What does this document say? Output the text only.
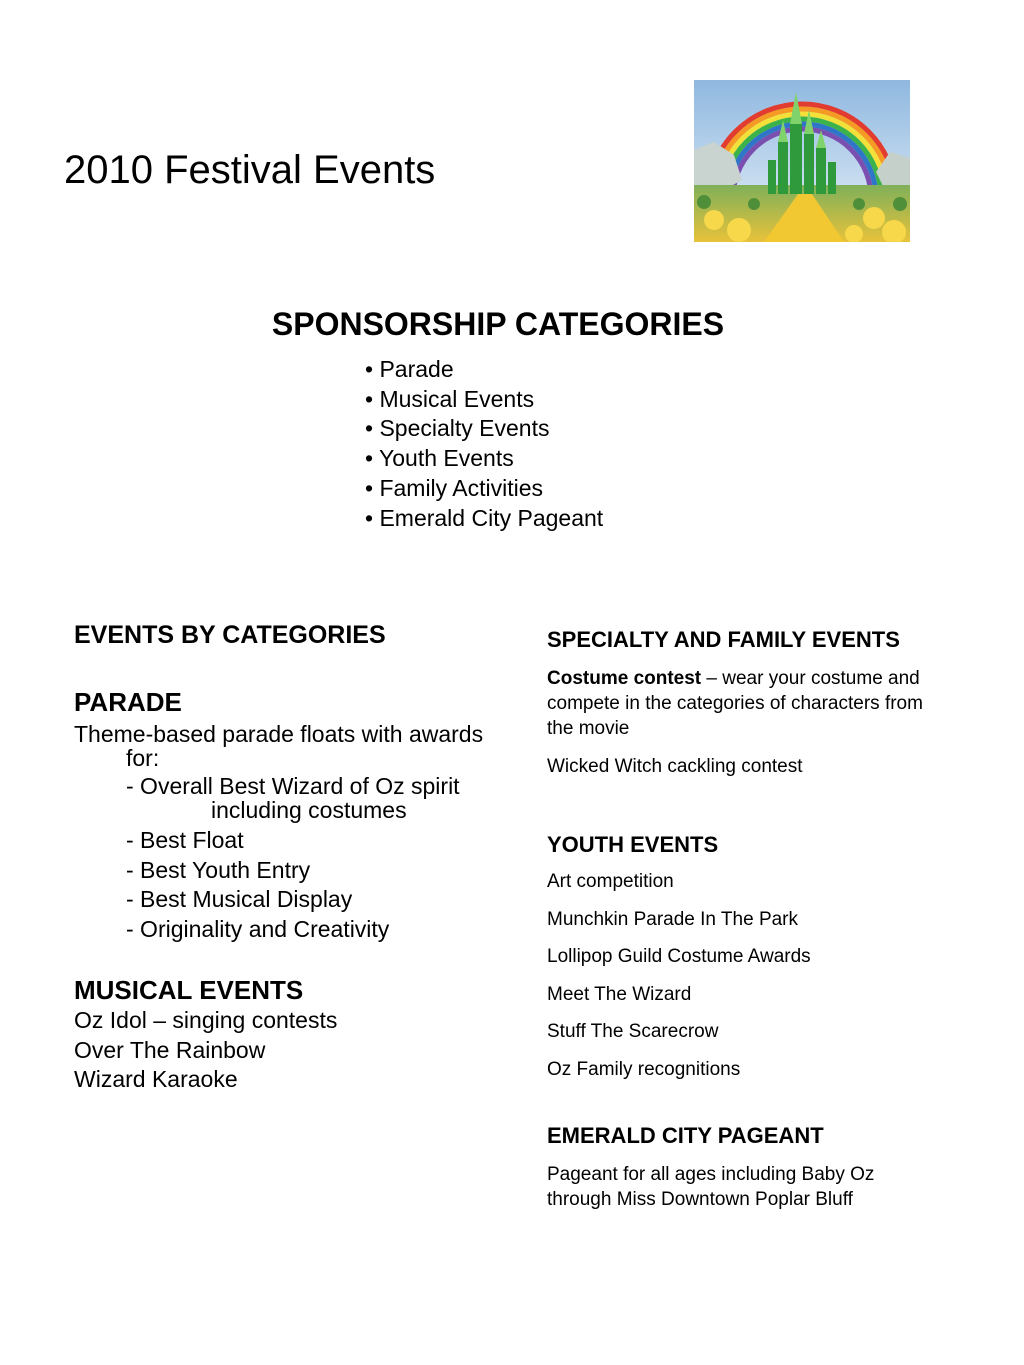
2010 Festival Events
SPONSORSHIP CATEGORIES
• Parade
• Musical Events
• Specialty Events
• Youth Events
• Family Activities
• Emerald City Pageant
EVENTS BY CATEGORIES
PARADE

Theme-based parade floats with awards for:

- Overall Best Wizard of Oz spirit including costumes
- Best Float
- Best Youth Entry
- Best Musical Display
- Originality and Creativity
MUSICAL EVENTS
Oz Idol – singing contests
Over The Rainbow
Wizard Karaoke
SPECIALTY AND FAMILY EVENTS

Costume contest – wear your costume and compete in the categories of characters from the movie

Wicked Witch cackling contest

YOUTH EVENTS
Art competition
Munchkin Parade In The Park
Lollipop Guild Costume Awards
Meet The Wizard
Stuff The Scarecrow
Oz Family recognitions
EMERALD CITY PAGEANT

Pageant for all ages including Baby Oz through Miss Downtown Poplar Bluff
